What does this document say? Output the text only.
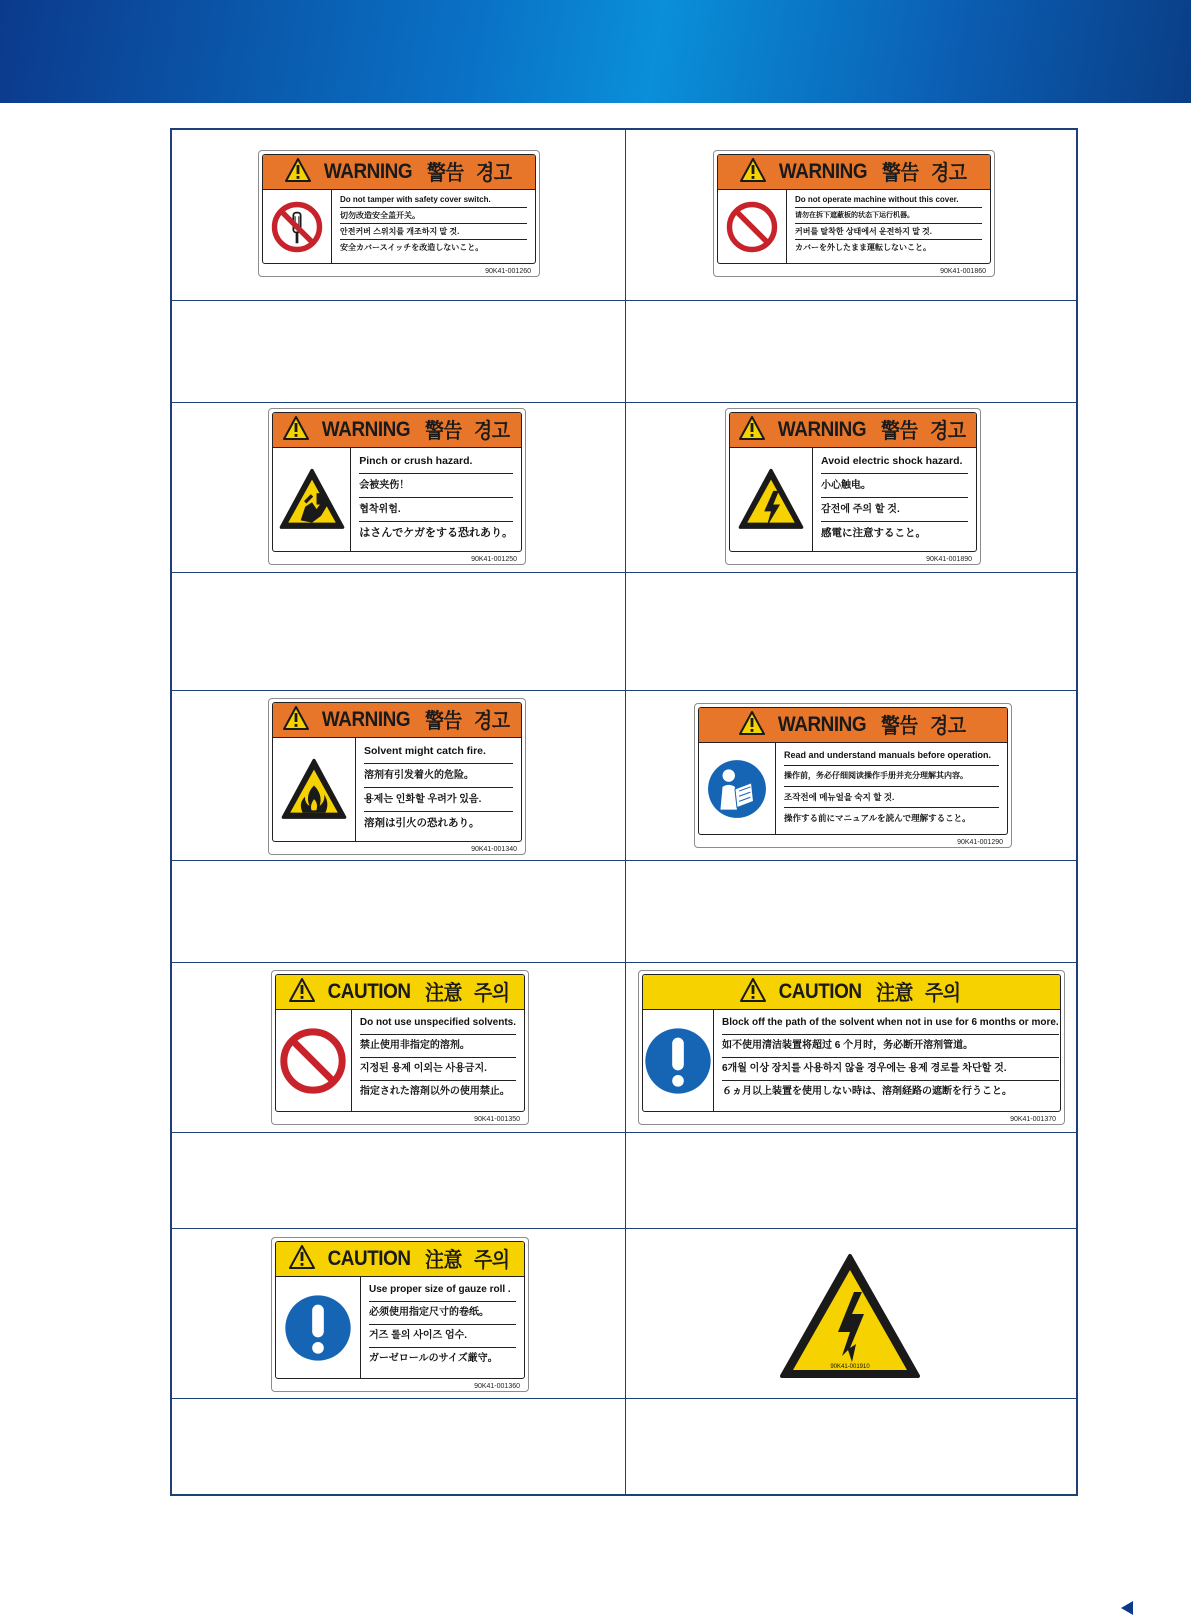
WARNING 警告 경고
Do not tamper with safety cover switch.
切勿改造安全盖开关。
안전커버 스위치를 개조하지 말 것.
安全カバースイッチを改造しないこと。
90K41-001260
WARNING 警告 경고
Do not operate machine without this cover.
请勿在拆下遮蔽板的状态下运行机器。
커버를 탈착한 상태에서 운전하지 말 것.
カバーを外したまま運転しないこと。
90K41-001860
WARNING 警告 경고
Pinch or crush hazard.
会被夹伤！
협착위험.
はさんでケガをする恐れあり。
90K41-001250
WARNING 警告 경고
Avoid electric shock hazard.
小心触电。
감전에 주의 할 것.
感電に注意すること。
90K41-001890
WARNING 警告 경고
Solvent might catch fire.
溶剂有引发着火的危险。
용제는 인화할 우려가 있음.
溶剤は引火の恐れあり。
90K41-001340
WARNING 警告 경고
Read and understand manuals before operation.
操作前，务必仔细阅读操作手册并充分理解其内容。
조작전에 메뉴얼을 숙지 할 것.
操作する前にマニュアルを読んで理解すること。
90K41-001290
CAUTION 注意 주의
Do not use unspecified solvents.
禁止使用非指定的溶剂。
지정된 용제 이외는 사용금지.
指定された溶剤以外の使用禁止。
90K41-001350
CAUTION 注意 주의
Block off the path of the solvent when not in use for 6 months or more.
如不使用清洁装置将超过 6 个月时，务必断开溶剂管道。
6개월 이상 장치를 사용하지 않을 경우에는 용제 경로를 차단할 것.
６ヵ月以上装置を使用しない時は、溶剤経路の遮断を行うこと。
90K41-001370
CAUTION 注意 주의
Use proper size of gauze roll .
必须使用指定尺寸的卷纸。
거즈 롤의 사이즈 엄수.
ガーゼロールのサイズ厳守。
90K41-001360
90K41-001910
